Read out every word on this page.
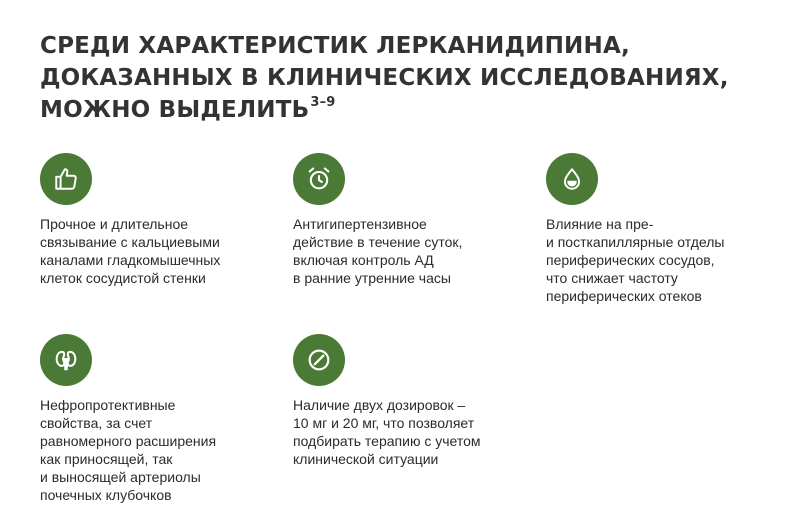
СРЕДИ ХАРАКТЕРИСТИК ЛЕРКАНИДИПИНА,
ДОКАЗАННЫХ В КЛИНИЧЕСКИХ ИССЛЕДОВАНИЯХ,
МОЖНО ВЫДЕЛИТЬ$^{3-9}$
Прочное и длительное
связывание с кальциевыми
каналами гладкомышечных
клеток сосудистой стенки
Антигипертензивное
действие в течение суток,
включая контроль АД
в ранние утренние часы
Влияние на пре-
и посткапиллярные отделы
периферических сосудов,
что снижает частоту
периферических отеков
Нефропротективные
свойства, за счет
равномерного расширения
как приносящей, так
и выносящей артериолы
почечных клубочков
Наличие двух дозировок –
10 мг и 20 мг, что позволяет
подбирать терапию с учетом
клинической ситуации
